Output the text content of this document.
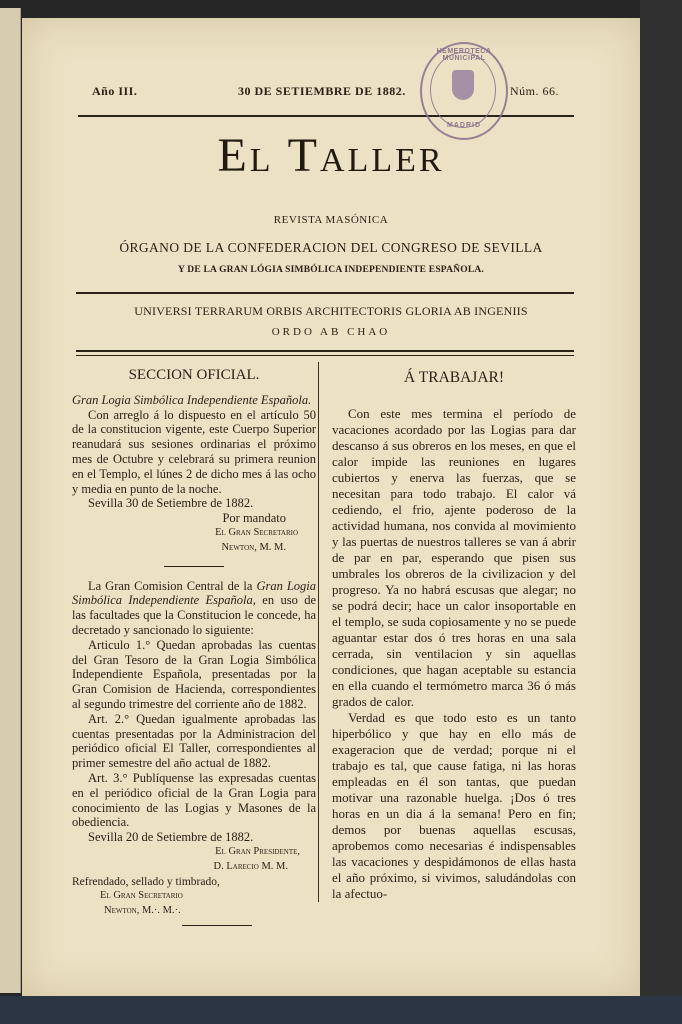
Año III.	30 DE SETIEMBRE DE 1882.	Núm. 66.
HEMEROTECA MUNICIPAL
MADRID
El Taller
REVISTA MASÓNICA
ÓRGANO DE LA CONFEDERACION DEL CONGRESO DE SEVILLA
Y DE LA GRAN LÓGIA SIMBÓLICA INDEPENDIENTE ESPAÑOLA.
UNIVERSI TERRARUM ORBIS ARCHITECTORIS GLORIA AB INGENIIS
ORDO AB CHAO

SECCION OFICIAL.

Gran Logia Simbólica Independiente Española.

Con arreglo á lo dispuesto en el artículo 50 de la constitucion vigente, este Cuerpo Superior reanudará sus sesiones ordinarias el próximo mes de Octubre y celebrará su primera reunion en el Templo, el lúnes 2 de dicho mes á las ocho y media en punto de la noche.

Sevilla 30 de Setiembre de 1882.

Por mandato

El Gran Secretario

Newton, M. M.

La Gran Comision Central de la Gran Logia Simbólica Independiente Española, en uso de las facultades que la Constitucion le concede, ha decretado y sancionado lo siguiente:

Articulo 1.° Quedan aprobadas las cuentas del Gran Tesoro de la Gran Logia Simbólica Independiente Española, presentadas por la Gran Comision de Hacienda, correspondientes al segundo trimestre del corriente año de 1882.

Art. 2.° Quedan igualmente aprobadas las cuentas presentadas por la Administracion del periódico oficial El Taller, correspondientes al primer semestre del año actual de 1882.

Art. 3.° Publíquense las expresadas cuentas en el periódico oficial de la Gran Logia para conocimiento de las Logias y Masones de la obediencia.

Sevilla 20 de Setiembre de 1882.

El Gran Presidente,

D. Larecio M. M.

Refrendado, sellado y timbrado,

El Gran Secretario

Newton, M.·. M.·.

Á TRABAJAR!

Con este mes termina el período de vacaciones acordado por las Logias para dar descanso á sus obreros en los meses, en que el calor impide las reuniones en lugares cubiertos y enerva las fuerzas, que se necesitan para todo trabajo. El calor vá cediendo, el frio, ajente poderoso de la actividad humana, nos convida al movimiento y las puertas de nuestros talleres se van á abrir de par en par, esperando que pisen sus umbrales los obreros de la civilizacion y del progreso. Ya no habrá escusas que alegar; no se podrá decir; hace un calor insoportable en el templo, se suda copiosamente y no se puede aguantar estar dos ó tres horas en una sala cerrada, sin ventilacion y sin aquellas condiciones, que hagan aceptable su estancia en ella cuando el termómetro marca 36 ó más grados de calor.

Verdad es que todo esto es un tanto hiperbólico y que hay en ello más de exageracion que de verdad; porque ni el trabajo es tal, que cause fatiga, ni las horas empleadas en él son tantas, que puedan motivar una razonable huelga. ¡Dos ó tres horas en un dia á la semana! Pero en fin; demos por buenas aquellas escusas, aprobemos como necesarias é indispensables las vacaciones y despidámonos de ellas hasta el año próximo, si vivimos, saludándolas con la afectuo-
